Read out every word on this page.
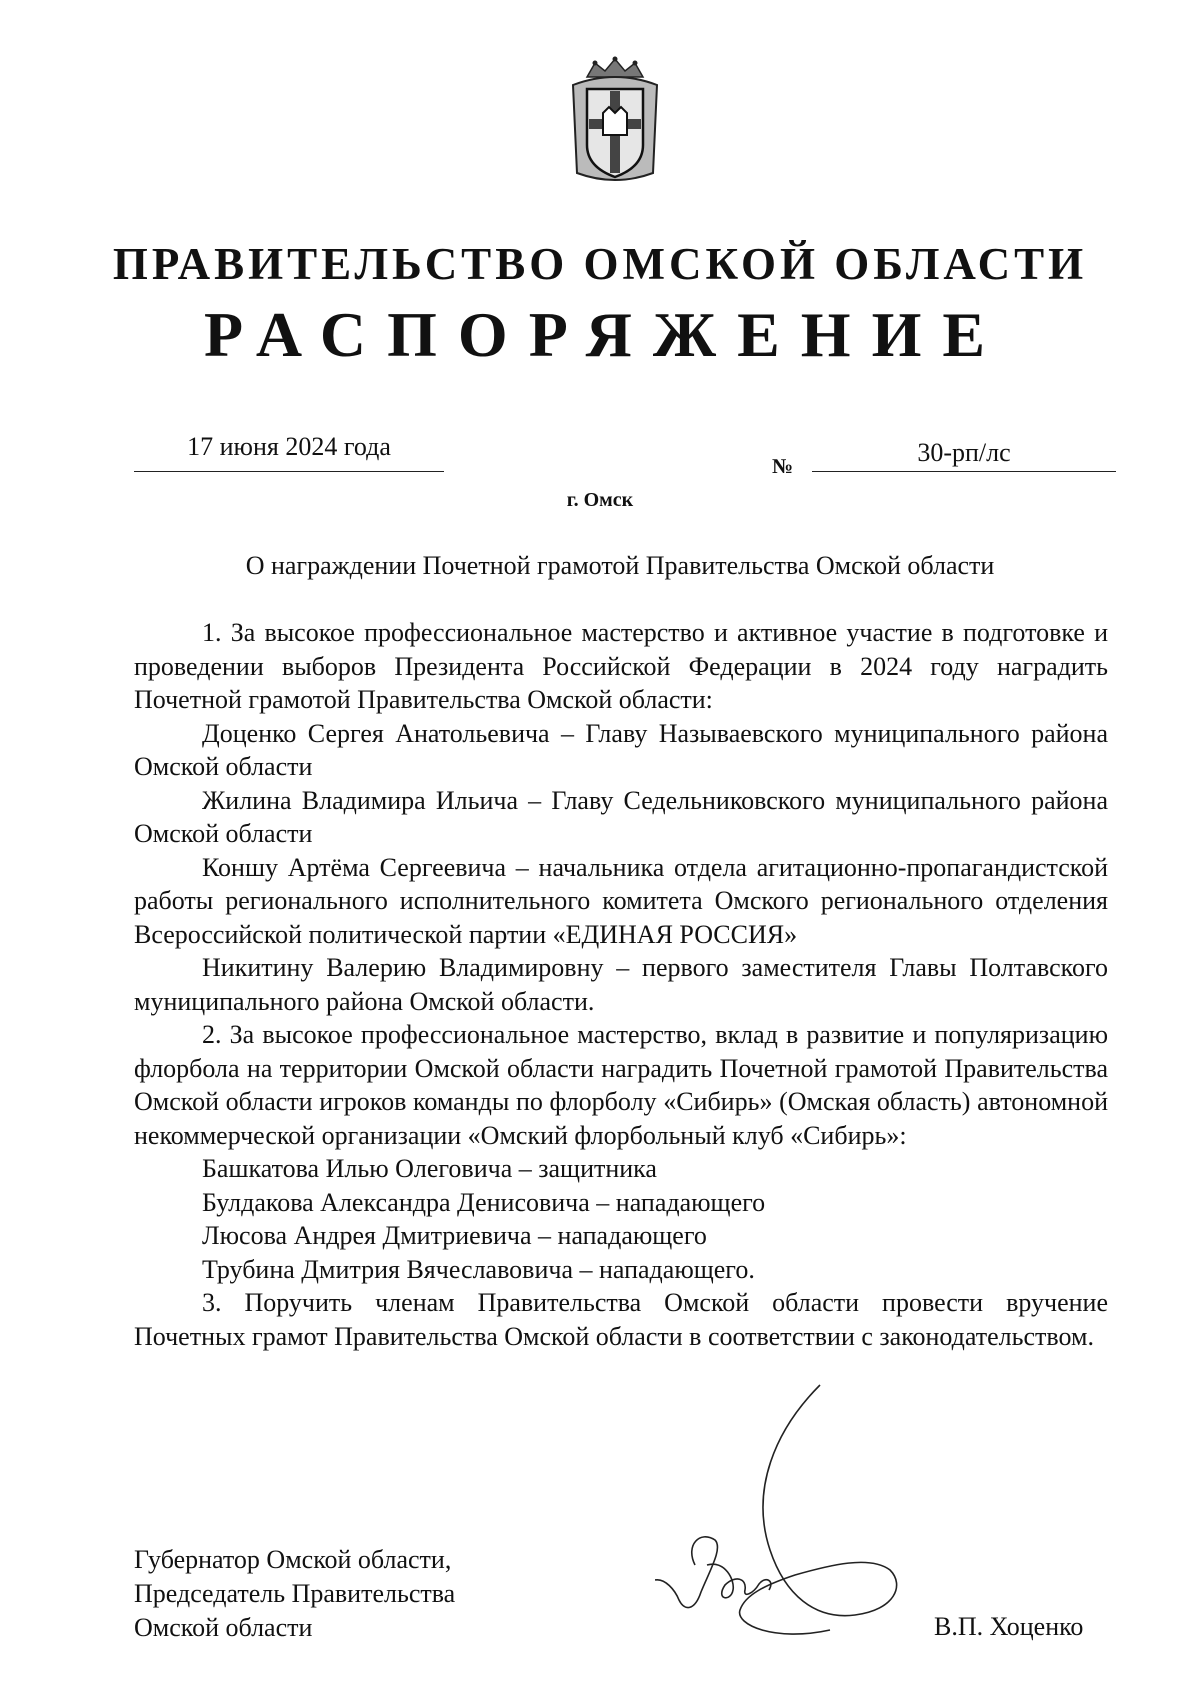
ПРАВИТЕЛЬСТВО ОМСКОЙ ОБЛАСТИ
РАСПОРЯЖЕНИЕ
17 июня 2024 года
№	30-рп/лс
г. Омск
О награждении Почетной грамотой Правительства Омской области

1. За высокое профессиональное мастерство и активное участие в подготовке и проведении выборов Президента Российской Федерации в 2024 году наградить Почетной грамотой Правительства Омской области:

Доценко Сергея Анатольевича – Главу Называевского муниципального района Омской области

Жилина Владимира Ильича – Главу Седельниковского муниципального района Омской области

Коншу Артёма Сергеевича – начальника отдела агитационно-пропагандистской работы регионального исполнительного комитета Омского регионального отделения Всероссийской политической партии «ЕДИНАЯ РОССИЯ»

Никитину Валерию Владимировну – первого заместителя Главы Полтавского муниципального района Омской области.

2. За высокое профессиональное мастерство, вклад в развитие и популяризацию флорбола на территории Омской области наградить Почетной грамотой Правительства Омской области игроков команды по флорболу «Сибирь» (Омская область) автономной некоммерческой организации «Омский флорбольный клуб «Сибирь»:

Башкатова Илью Олеговича – защитника

Булдакова Александра Денисовича – нападающего

Люсова Андрея Дмитриевича – нападающего

Трубина Дмитрия Вячеславовича – нападающего.

3. Поручить членам Правительства Омской области провести вручение Почетных грамот Правительства Омской области в соответствии с законодательством.

Губернатор Омской области,
Председатель Правительства
Омской области	В.П. Хоценко
